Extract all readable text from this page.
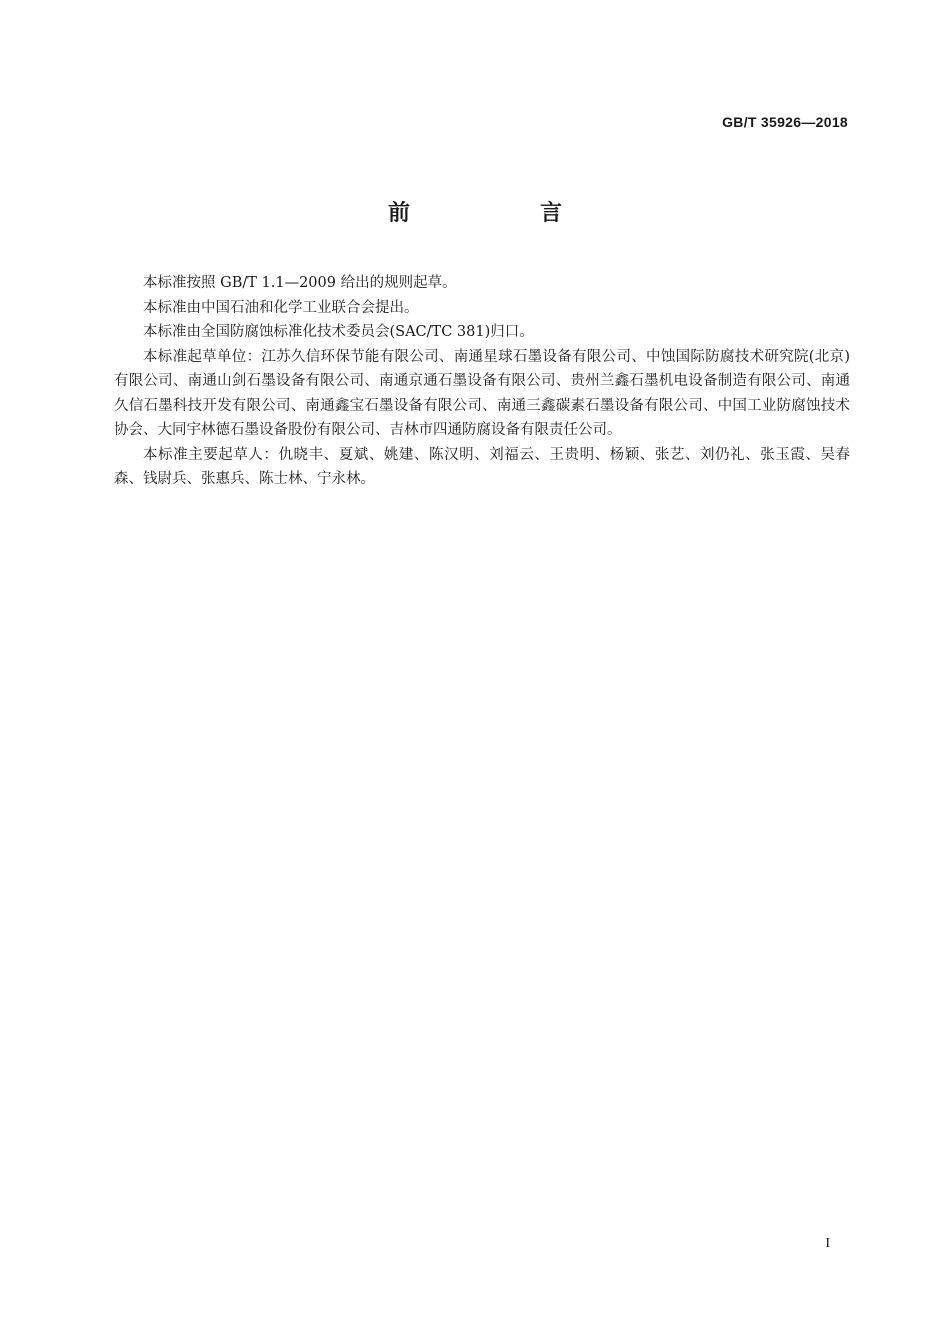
GB/T 35926—2018
前　言

本标准按照 GB/T 1.1—2009 给出的规则起草。

本标准由中国石油和化学工业联合会提出。

本标准由全国防腐蚀标准化技术委员会(SAC/TC 381)归口。

本标准起草单位：江苏久信环保节能有限公司、南通星球石墨设备有限公司、中蚀国际防腐技术研究院(北京)有限公司、南通山剑石墨设备有限公司、南通京通石墨设备有限公司、贵州兰鑫石墨机电设备制造有限公司、南通久信石墨科技开发有限公司、南通鑫宝石墨设备有限公司、南通三鑫碳素石墨设备有限公司、中国工业防腐蚀技术协会、大同宇林德石墨设备股份有限公司、吉林市四通防腐设备有限责任公司。

本标准主要起草人：仇晓丰、夏斌、姚建、陈汉明、刘福云、王贵明、杨颖、张艺、刘仍礼、张玉霞、吴春森、钱尉兵、张惠兵、陈士林、宁永林。

I
